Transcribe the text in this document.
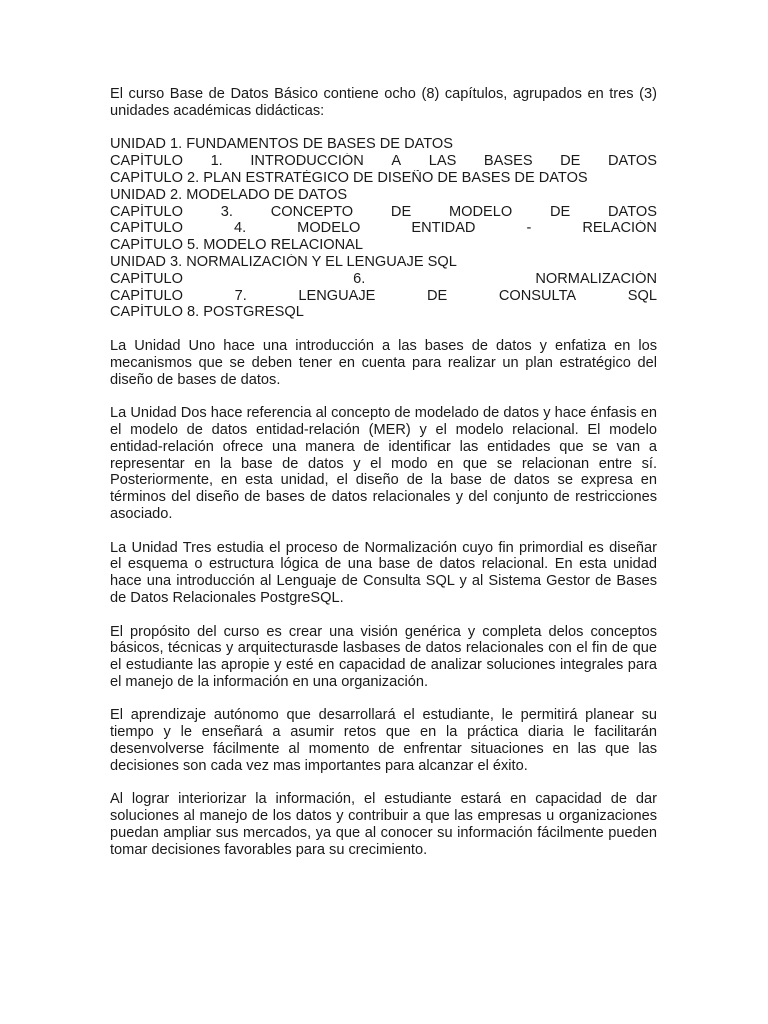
El curso Base de Datos Básico contiene ocho (8) capítulos, agrupados en tres (3) unidades académicas didácticas:

UNIDAD 1. FUNDAMENTOS DE BASES DE DATOS
CAPÍTULO 1. INTRODUCCIÓN A LAS BASES DE DATOS
CAPÍTULO 2. PLAN ESTRATÉGICO DE DISEÑO DE BASES DE DATOS
UNIDAD 2. MODELADO DE DATOS
CAPÍTULO	3.	CONCEPTO	DE	MODELO	DE	DATOS
CAPÍTULO	4.	MODELO	ENTIDAD	-	RELACIÓN
CAPÍTULO 5. MODELO RELACIONAL
UNIDAD 3. NORMALIZACIÓN Y EL LENGUAJE SQL
CAPÍTULO	6.	NORMALIZACIÓN
CAPÍTULO	7.	LENGUAJE	DE	CONSULTA	SQL
CAPÍTULO 8. POSTGRESQL

La Unidad Uno hace una introducción a las bases de datos y enfatiza en los mecanismos que se deben tener en cuenta para realizar un plan estratégico del diseño de bases de datos.

La Unidad Dos hace referencia al concepto de modelado de datos y hace énfasis en el modelo de datos entidad-relación (MER) y el modelo relacional. El modelo entidad-relación ofrece una manera de identificar las entidades que se van a representar en la base de datos y el modo en que se relacionan entre sí. Posteriormente, en esta unidad, el diseño de la base de datos se expresa en términos del diseño de bases de datos relacionales y del conjunto de restricciones asociado.

La Unidad Tres estudia el proceso de Normalización cuyo fin primordial es diseñar el esquema o estructura lógica de una base de datos relacional. En esta unidad hace una introducción al Lenguaje de Consulta SQL y al Sistema Gestor de Bases de Datos Relacionales PostgreSQL.

El propósito del curso es crear una visión genérica y completa delos conceptos básicos, técnicas y arquitecturasde lasbases de datos relacionales con el fin de que el estudiante las apropie y esté en capacidad de analizar soluciones integrales para el manejo de la información en una organización.

El aprendizaje autónomo que desarrollará el estudiante, le permitirá planear su tiempo y le enseñará a asumir retos que en la práctica diaria le facilitarán desenvolverse fácilmente al momento de enfrentar situaciones en las que las decisiones son cada vez mas importantes para alcanzar el éxito.

Al lograr interiorizar la información, el estudiante estará en capacidad de dar soluciones al manejo de los datos y contribuir a que las empresas u organizaciones puedan ampliar sus mercados, ya que al conocer su información fácilmente pueden tomar decisiones favorables para su crecimiento.
